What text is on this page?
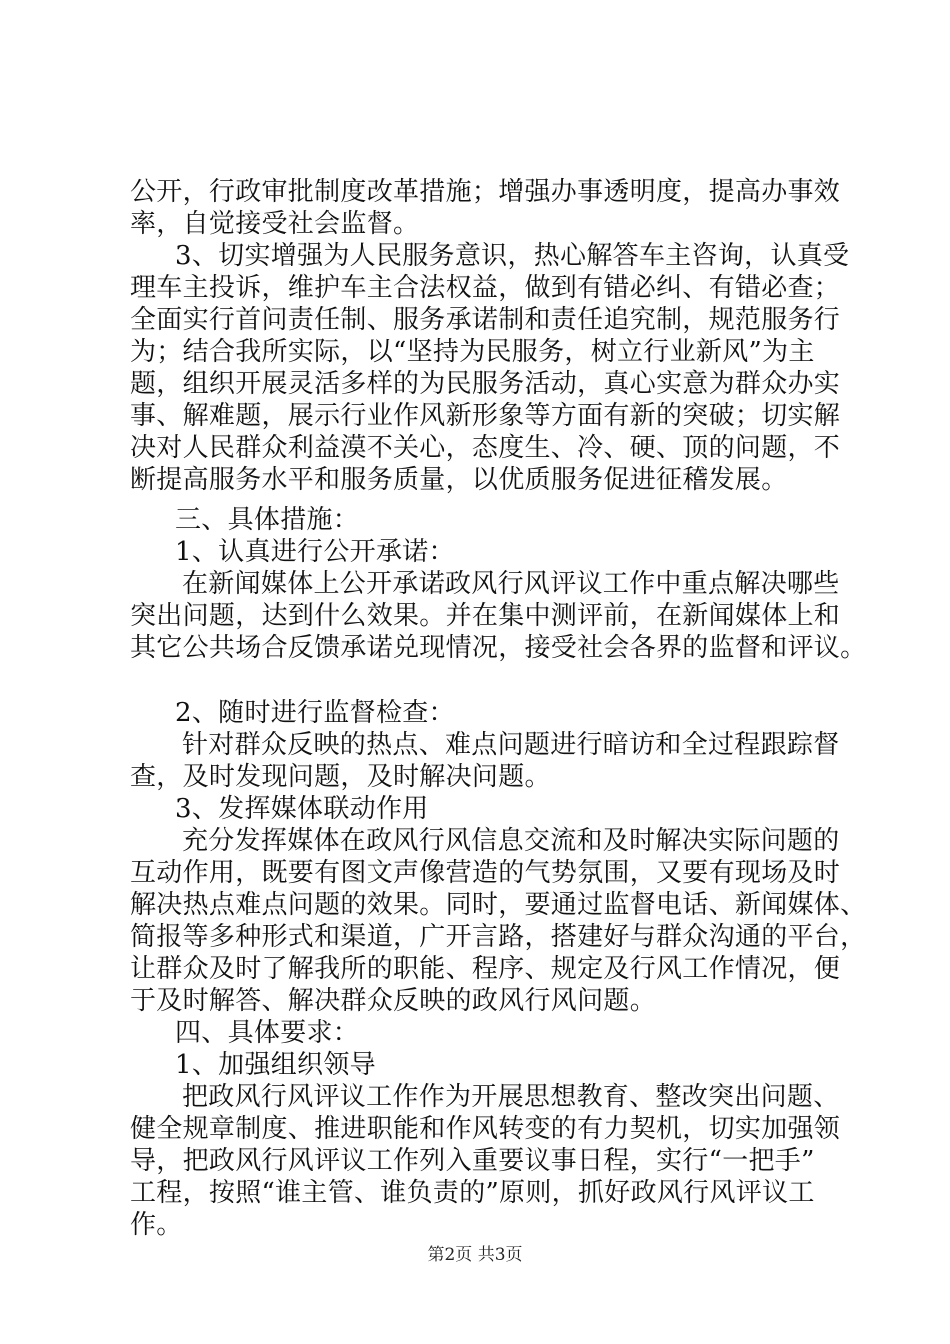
公开，行政审批制度改革措施；增强办事透明度，提高办事效
率，自觉接受社会监督。
3、切实增强为人民服务意识，热心解答车主咨询，认真受
理车主投诉，维护车主合法权益，做到有错必纠、有错必查；
全面实行首问责任制、服务承诺制和责任追究制，规范服务行
为；结合我所实际，以“坚持为民服务，树立行业新风”为主
题，组织开展灵活多样的为民服务活动，真心实意为群众办实
事、解难题，展示行业作风新形象等方面有新的突破；切实解
决对人民群众利益漠不关心，态度生、冷、硬、顶的问题，不
断提高服务水平和服务质量，以优质服务促进征稽发展。
三、具体措施：
1、认真进行公开承诺：
在新闻媒体上公开承诺政风行风评议工作中重点解决哪些
突出问题，达到什么效果。并在集中测评前，在新闻媒体上和
其它公共场合反馈承诺兑现情况，接受社会各界的监督和评议。
2、随时进行监督检查：
针对群众反映的热点、难点问题进行暗访和全过程跟踪督
查，及时发现问题，及时解决问题。
3、发挥媒体联动作用
充分发挥媒体在政风行风信息交流和及时解决实际问题的
互动作用，既要有图文声像营造的气势氛围，又要有现场及时
解决热点难点问题的效果。同时，要通过监督电话、新闻媒体、
简报等多种形式和渠道，广开言路，搭建好与群众沟通的平台，
让群众及时了解我所的职能、程序、规定及行风工作情况，便
于及时解答、解决群众反映的政风行风问题。
四、具体要求：
1、加强组织领导
把政风行风评议工作作为开展思想教育、整改突出问题、
健全规章制度、推进职能和作风转变的有力契机，切实加强领
导，把政风行风评议工作列入重要议事日程，实行“一把手”
工程，按照“谁主管、谁负责的”原则，抓好政风行风评议工
作。
第2页 共3页
